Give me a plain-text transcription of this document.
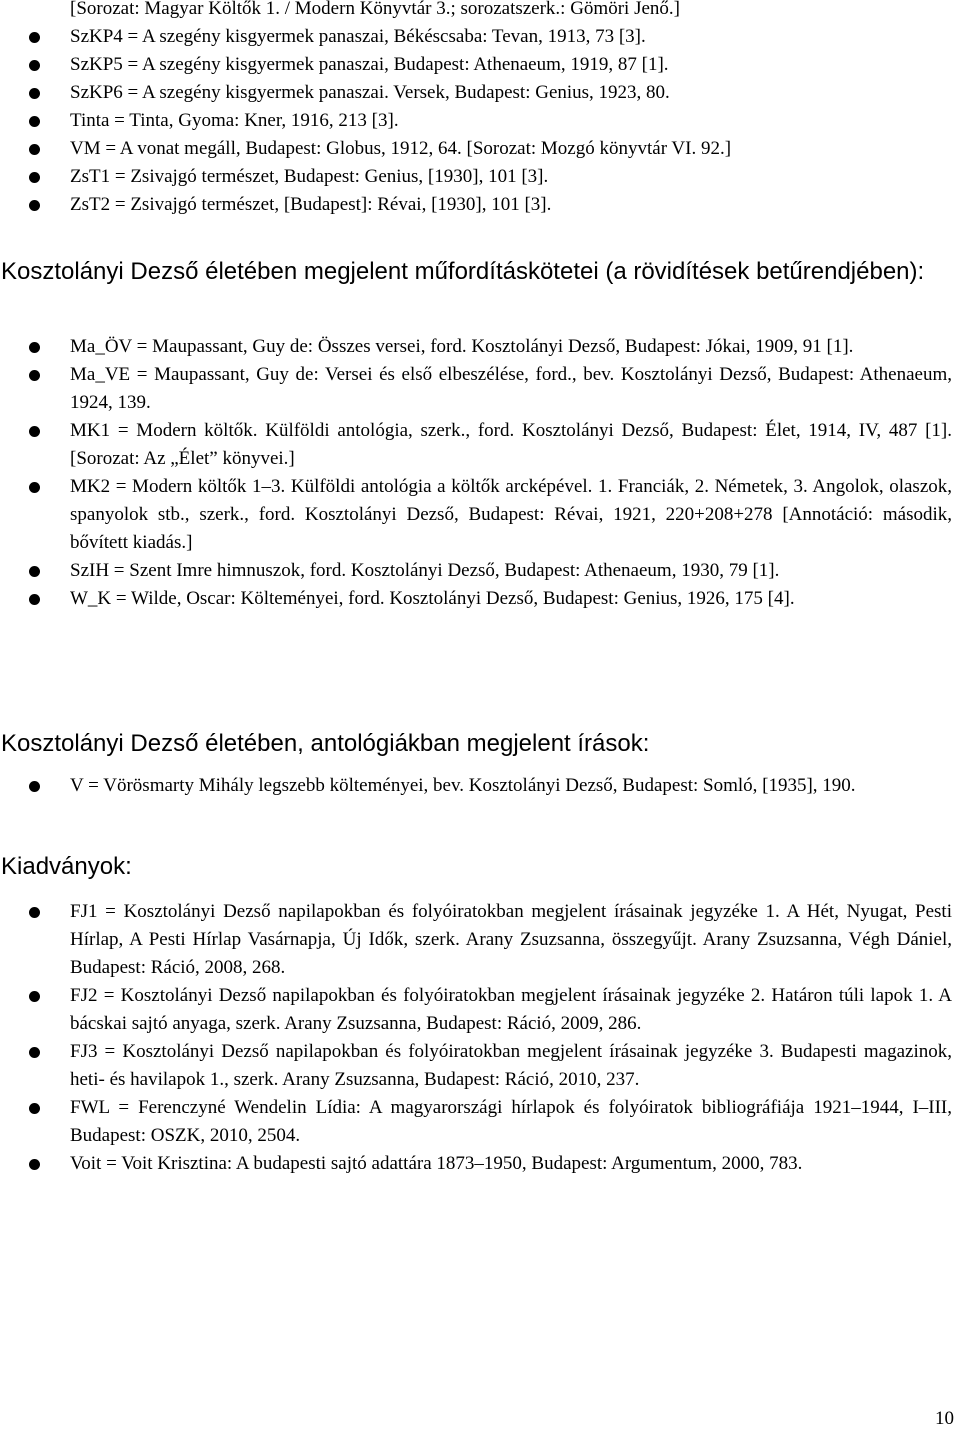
[Sorozat: Magyar Költők 1. / Modern Könyvtár 3.; sorozatszerk.: Gömöri Jenő.]
SzKP4 = A szegény kisgyermek panaszai, Békéscsaba: Tevan, 1913, 73 [3].
SzKP5 = A szegény kisgyermek panaszai, Budapest: Athenaeum, 1919, 87 [1].
SzKP6 = A szegény kisgyermek panaszai. Versek, Budapest: Genius, 1923, 80.
Tinta = Tinta, Gyoma: Kner, 1916, 213 [3].
VM = A vonat megáll, Budapest: Globus, 1912, 64. [Sorozat: Mozgó könyvtár VI. 92.]
ZsT1 = Zsivajgó természet, Budapest: Genius, [1930], 101 [3].
ZsT2 = Zsivajgó természet, [Budapest]: Révai, [1930], 101 [3].
Kosztolányi Dezső életében megjelent műfordításkötetei (a rövidítések betűrendjében):
Ma_ÖV = Maupassant, Guy de: Összes versei, ford. Kosztolányi Dezső, Budapest: Jókai, 1909, 91 [1].
Ma_VE = Maupassant, Guy de: Versei és első elbeszélése, ford., bev. Kosztolányi Dezső, Budapest: Athenaeum, 1924, 139.
MK1 = Modern költők. Külföldi antológia, szerk., ford. Kosztolányi Dezső, Budapest: Élet, 1914, IV, 487 [1]. [Sorozat: Az „Élet” könyvei.]
MK2 = Modern költők 1–3. Külföldi antológia a költők arcképével. 1. Franciák, 2. Németek, 3. Angolok, olaszok, spanyolok stb., szerk., ford. Kosztolányi Dezső, Budapest: Révai, 1921, 220+208+278 [Annotáció: második, bővített kiadás.]
SzIH = Szent Imre himnuszok, ford. Kosztolányi Dezső, Budapest: Athenaeum, 1930, 79 [1].
W_K = Wilde, Oscar: Költeményei, ford. Kosztolányi Dezső, Budapest: Genius, 1926, 175 [4].
Kosztolányi Dezső életében, antológiákban megjelent írások:
V = Vörösmarty Mihály legszebb költeményei, bev. Kosztolányi Dezső, Budapest: Somló, [1935], 190.
Kiadványok:
FJ1 = Kosztolányi Dezső napilapokban és folyóiratokban megjelent írásainak jegyzéke 1. A Hét, Nyugat, Pesti Hírlap, A Pesti Hírlap Vasárnapja, Új Idők, szerk. Arany Zsuzsanna, összegyűjt. Arany Zsuzsanna, Végh Dániel, Budapest: Ráció, 2008, 268.
FJ2 = Kosztolányi Dezső napilapokban és folyóiratokban megjelent írásainak jegyzéke 2. Határon túli lapok 1. A bácskai sajtó anyaga, szerk. Arany Zsuzsanna, Budapest: Ráció, 2009, 286.
FJ3 = Kosztolányi Dezső napilapokban és folyóiratokban megjelent írásainak jegyzéke 3. Budapesti magazinok, heti- és havilapok 1., szerk. Arany Zsuzsanna, Budapest: Ráció, 2010, 237.
FWL = Ferenczyné Wendelin Lídia: A magyarországi hírlapok és folyóiratok bibliográfiája 1921–1944, I–III, Budapest: OSZK, 2010, 2504.
Voit = Voit Krisztina: A budapesti sajtó adattára 1873–1950, Budapest: Argumentum, 2000, 783.
10
